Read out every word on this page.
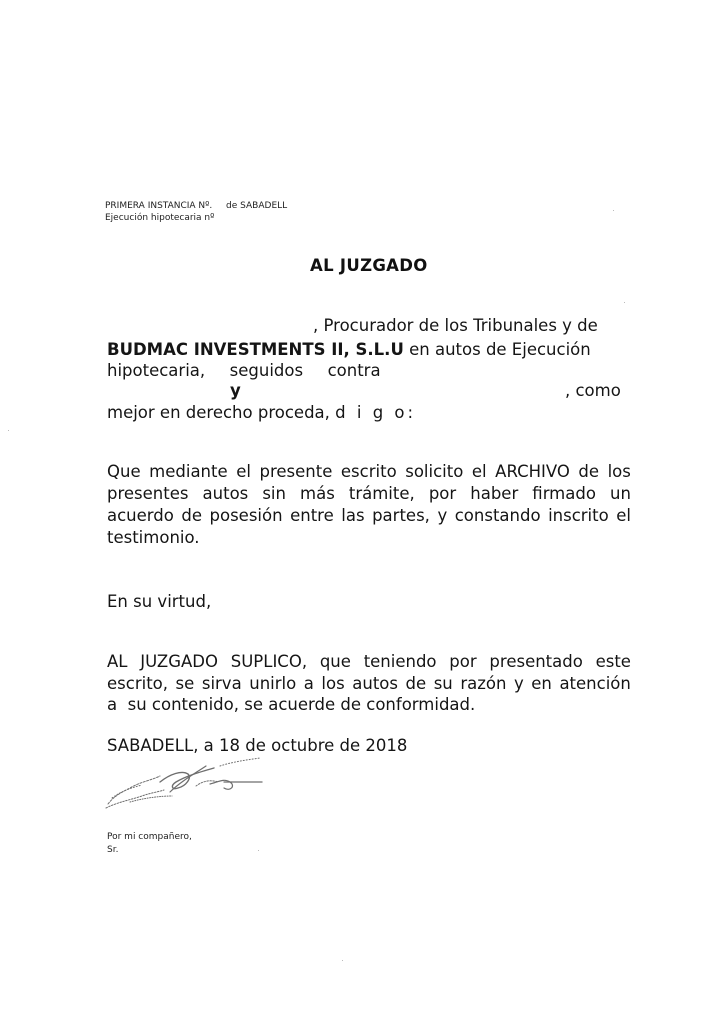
PRIMERA INSTANCIA Nº. de SABADELL
Ejecución hipotecaria nº
AL JUZGADO
, Procurador de los Tribunales y de
BUDMAC INVESTMENTS II, S.L.U en autos de Ejecución
hipotecaria, seguidos contra
y	, como
mejor en derecho proceda, d i g o:
Que mediante el presente escrito solicito el ARCHIVO de los
presentes autos sin más trámite, por haber firmado un
acuerdo de posesión entre las partes, y constando inscrito el
testimonio.
En su virtud,
AL JUZGADO SUPLICO, que teniendo por presentado este
escrito, se sirva unirlo a los autos de su razón y en atención
a  su contenido, se acuerde de conformidad.
SABADELL, a 18 de octubre de 2018
Por mi compañero,
Sr.
